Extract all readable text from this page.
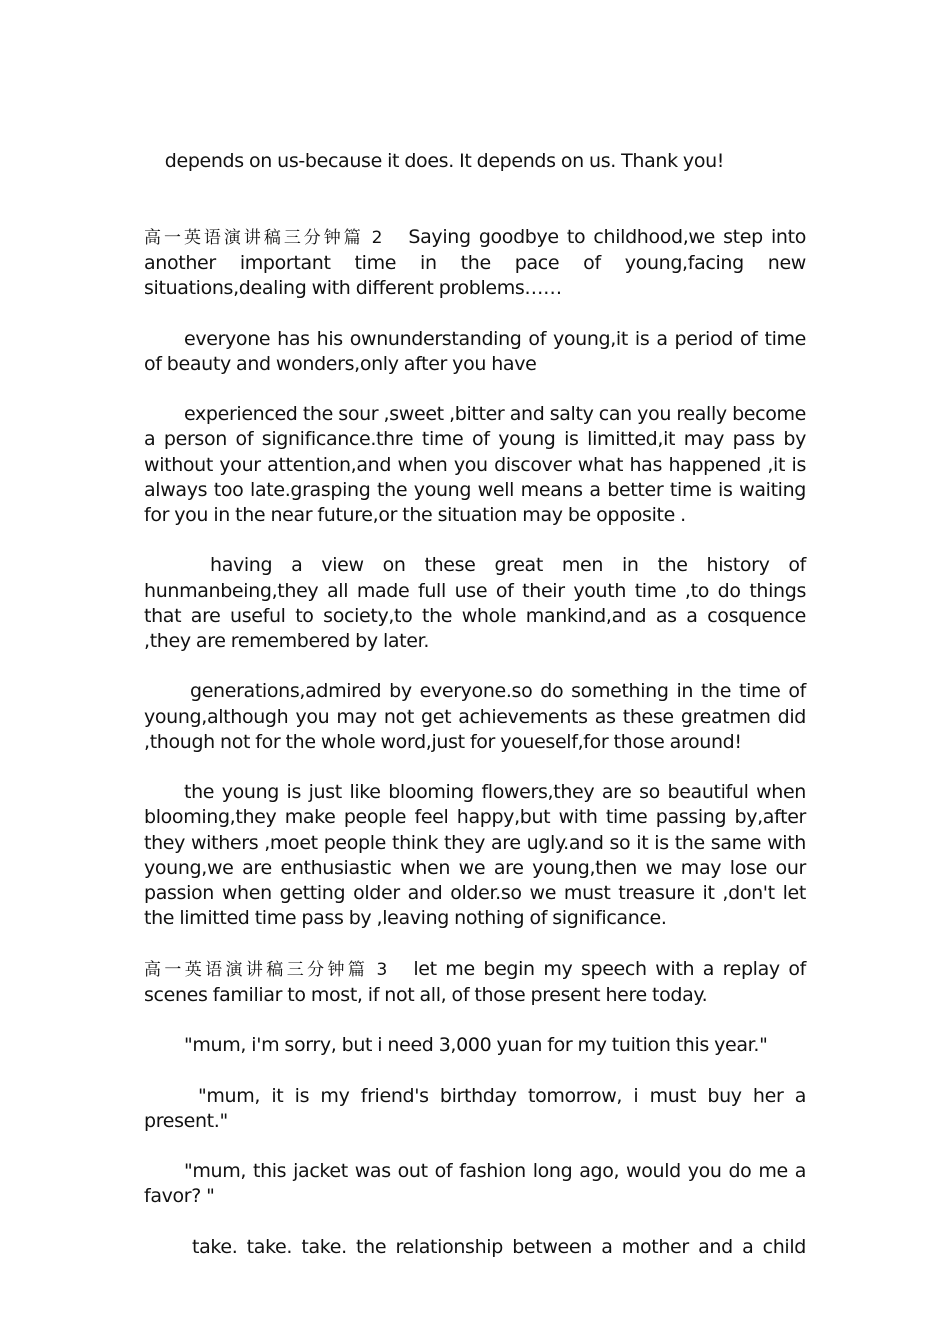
depends on us-because it does. It depends on us. Thank you!

高一英语演讲稿三分钟篇 2 Saying goodbye to childhood,we step into another important time in the pace of young,facing new situations,dealing with different problems……

everyone has his ownunderstanding of young,it is a period of time of beauty and wonders,only after you have

experienced the sour ,sweet ,bitter and salty can you really become a person of significance.thre time of young is limitted,it may pass by without your attention,and when you discover what has happened ,it is always too late.grasping the young well means a better time is waiting for you in the near future,or the situation may be opposite .

having a view on these great men in the history of hunmanbeing,they all made full use of their youth time ,to do things that are useful to society,to the whole mankind,and as a cosquence ,they are remembered by later.

generations,admired by everyone.so do something in the time of young,although you may not get achievements as these greatmen did ,though not for the whole word,just for youeself,for those around!

the young is just like blooming flowers,they are so beautiful when blooming,they make people feel happy,but with time passing by,after they withers ,moet people think they are ugly.and so it is the same with young,we are enthusiastic when we are young,then we may lose our passion when getting older and older.so we must treasure it ,don't let the limitted time pass by ,leaving nothing of significance.

高一英语演讲稿三分钟篇 3 let me begin my speech with a replay of scenes familiar to most, if not all, of those present here today.

"mum, i'm sorry, but i need 3,000 yuan for my tuition this year."

"mum, it is my friend's birthday tomorrow, i must buy her a present."

"mum, this jacket was out of fashion long ago, would you do me a favor? "

take. take. take. the relationship between a mother and a child
